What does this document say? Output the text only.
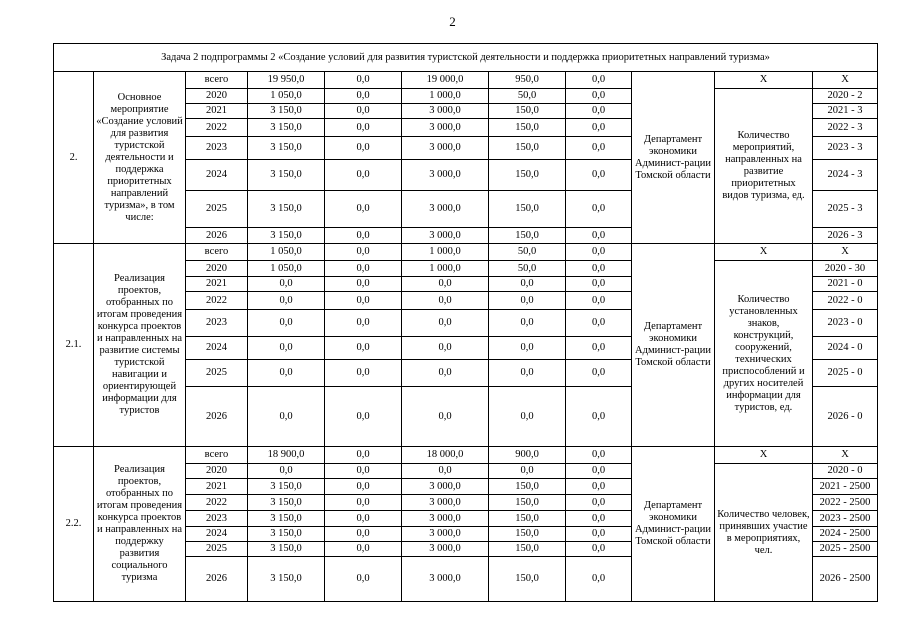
2
Задача 2 подпрограммы 2 «Создание условий для развития туристской деятельности и поддержка приоритетных направлений туризма»										
2.	Основное мероприятие «Создание условий для развития туристской деятельности и поддержка приоритетных направлений туризма», в том числе:	всего	19 950,0	0,0	19 000,0	950,0	0,0	Департамент экономики Админист-рации Томской области	Х	Х
		2020	1 050,0	0,0	1 000,0	50,0	0,0		Количество мероприятий, направленных на развитие приоритетных видов туризма, ед.	2020 - 2
		2021	3 150,0	0,0	3 000,0	150,0	0,0			2021 - 3
		2022	3 150,0	0,0	3 000,0	150,0	0,0			2022 - 3
		2023	3 150,0	0,0	3 000,0	150,0	0,0			2023 - 3
		2024	3 150,0	0,0	3 000,0	150,0	0,0			2024 - 3
		2025	3 150,0	0,0	3 000,0	150,0	0,0			2025 - 3
		2026	3 150,0	0,0	3 000,0	150,0	0,0			2026 - 3
2.1.	Реализация проектов, отобранных по итогам проведения конкурса проектов и направленных на развитие системы туристской навигации и ориентирующей информации для туристов	всего	1 050,0	0,0	1 000,0	50,0	0,0	Департамент экономики Админист-рации Томской области	Х	Х
		2020	1 050,0	0,0	1 000,0	50,0	0,0		Количество установленных знаков, конструкций, сооружений, технических приспособлений и других носителей информации для туристов, ед.	2020 - 30
		2021	0,0	0,0	0,0	0,0	0,0			2021 - 0
		2022	0,0	0,0	0,0	0,0	0,0			2022 - 0
		2023	0,0	0,0	0,0	0,0	0,0			2023 - 0
		2024	0,0	0,0	0,0	0,0	0,0			2024 - 0
		2025	0,0	0,0	0,0	0,0	0,0			2025 - 0
		2026	0,0	0,0	0,0	0,0	0,0			2026 - 0
2.2.	Реализация проектов, отобранных по итогам проведения конкурса проектов и направленных на поддержку развития социального туризма	всего	18 900,0	0,0	18 000,0	900,0	0,0	Департамент экономики Админист-рации Томской области	Х	Х
		2020	0,0	0,0	0,0	0,0	0,0		Количество человек, принявших участие в мероприятиях, чел.	2020 - 0
		2021	3 150,0	0,0	3 000,0	150,0	0,0			2021 - 2500
		2022	3 150,0	0,0	3 000,0	150,0	0,0			2022 - 2500
		2023	3 150,0	0,0	3 000,0	150,0	0,0			2023 - 2500
		2024	3 150,0	0,0	3 000,0	150,0	0,0			2024 - 2500
		2025	3 150,0	0,0	3 000,0	150,0	0,0			2025 - 2500
		2026	3 150,0	0,0	3 000,0	150,0	0,0			2026 - 2500
